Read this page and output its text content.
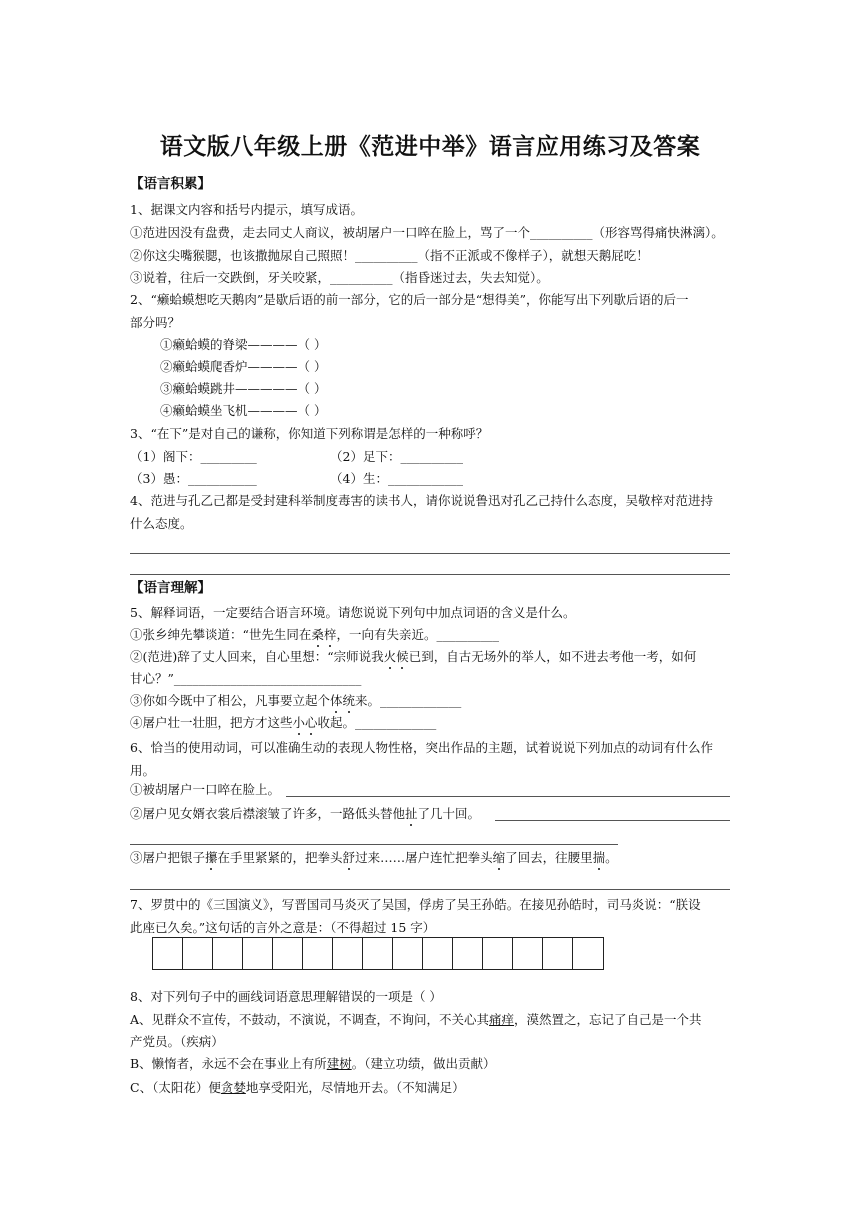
语文版八年级上册《范进中举》语言应用练习及答案
【语言积累】
1、据课文内容和括号内提示，填写成语。
①范进因没有盘费，走去同丈人商议，被胡屠户一口啐在脸上，骂了一个__________（形容骂得痛快淋漓）。
②你这尖嘴猴腮，也该撒抛尿自己照照！__________（指不正派或不像样子），就想天鹅屁吃！
③说着，往后一交跌倒，牙关咬紧，__________（指昏迷过去，失去知觉）。
2、“癞蛤蟆想吃天鹅肉”是歇后语的前一部分，它的后一部分是“想得美”，你能写出下列歇后语的后一
部分吗？
①癞蛤蟆的脊梁————（ ）
②癞蛤蟆爬香炉————（ ）
③癞蛤蟆跳井—————（ ）
④癞蛤蟆坐飞机————（ ）
3、“在下”是对自己的谦称，你知道下列称谓是怎样的一种称呼？
（1）阁下：_________	（2）足下：__________
（3）愚：___________	（4）生：____________
4、范进与孔乙己都是受封建科举制度毒害的读书人，请你说说鲁迅对孔乙己持什么态度，吴敬梓对范进持
什么态度。
【语言理解】
5、解释词语，一定要结合语言环境。请您说说下列句中加点词语的含义是什么。
①张乡绅先攀谈道：“世先生同在桑梓，一向有失亲近。__________
②(范进)辞了丈人回来，自心里想：“宗师说我火候已到，自古无场外的举人，如不进去考他一考，如何
甘心？”______________________________
③你如今既中了相公，凡事要立起个体统来。_____________
④屠户壮一壮胆，把方才这些小心收起。_____________
6、恰当的使用动词，可以准确生动的表现人物性格，突出作品的主题，试着说说下列加点的动词有什么作
用。
①被胡屠户一口啐在脸上。
②屠户见女婿衣裳后襟滚皱了许多，一路低头替他扯了几十回。
③屠户把银子攥在手里紧紧的，把拳头舒过来……屠户连忙把拳头缩了回去，往腰里揣。
7、罗贯中的《三国演义》，写晋国司马炎灭了吴国，俘虏了吴王孙皓。在接见孙皓时，司马炎说：“朕设
此座已久矣。”这句话的言外之意是：（不得超过 15 字）
8、对下列句子中的画线词语意思理解错误的一项是（ ）
A、见群众不宣传，不鼓动，不演说，不调查，不询问，不关心其痛痒，漠然置之，忘记了自己是一个共
产党员。（疾病）
B、懒惰者，永远不会在事业上有所建树。（建立功绩，做出贡献）
C、（太阳花）便贪婪地享受阳光，尽情地开去。（不知满足）
